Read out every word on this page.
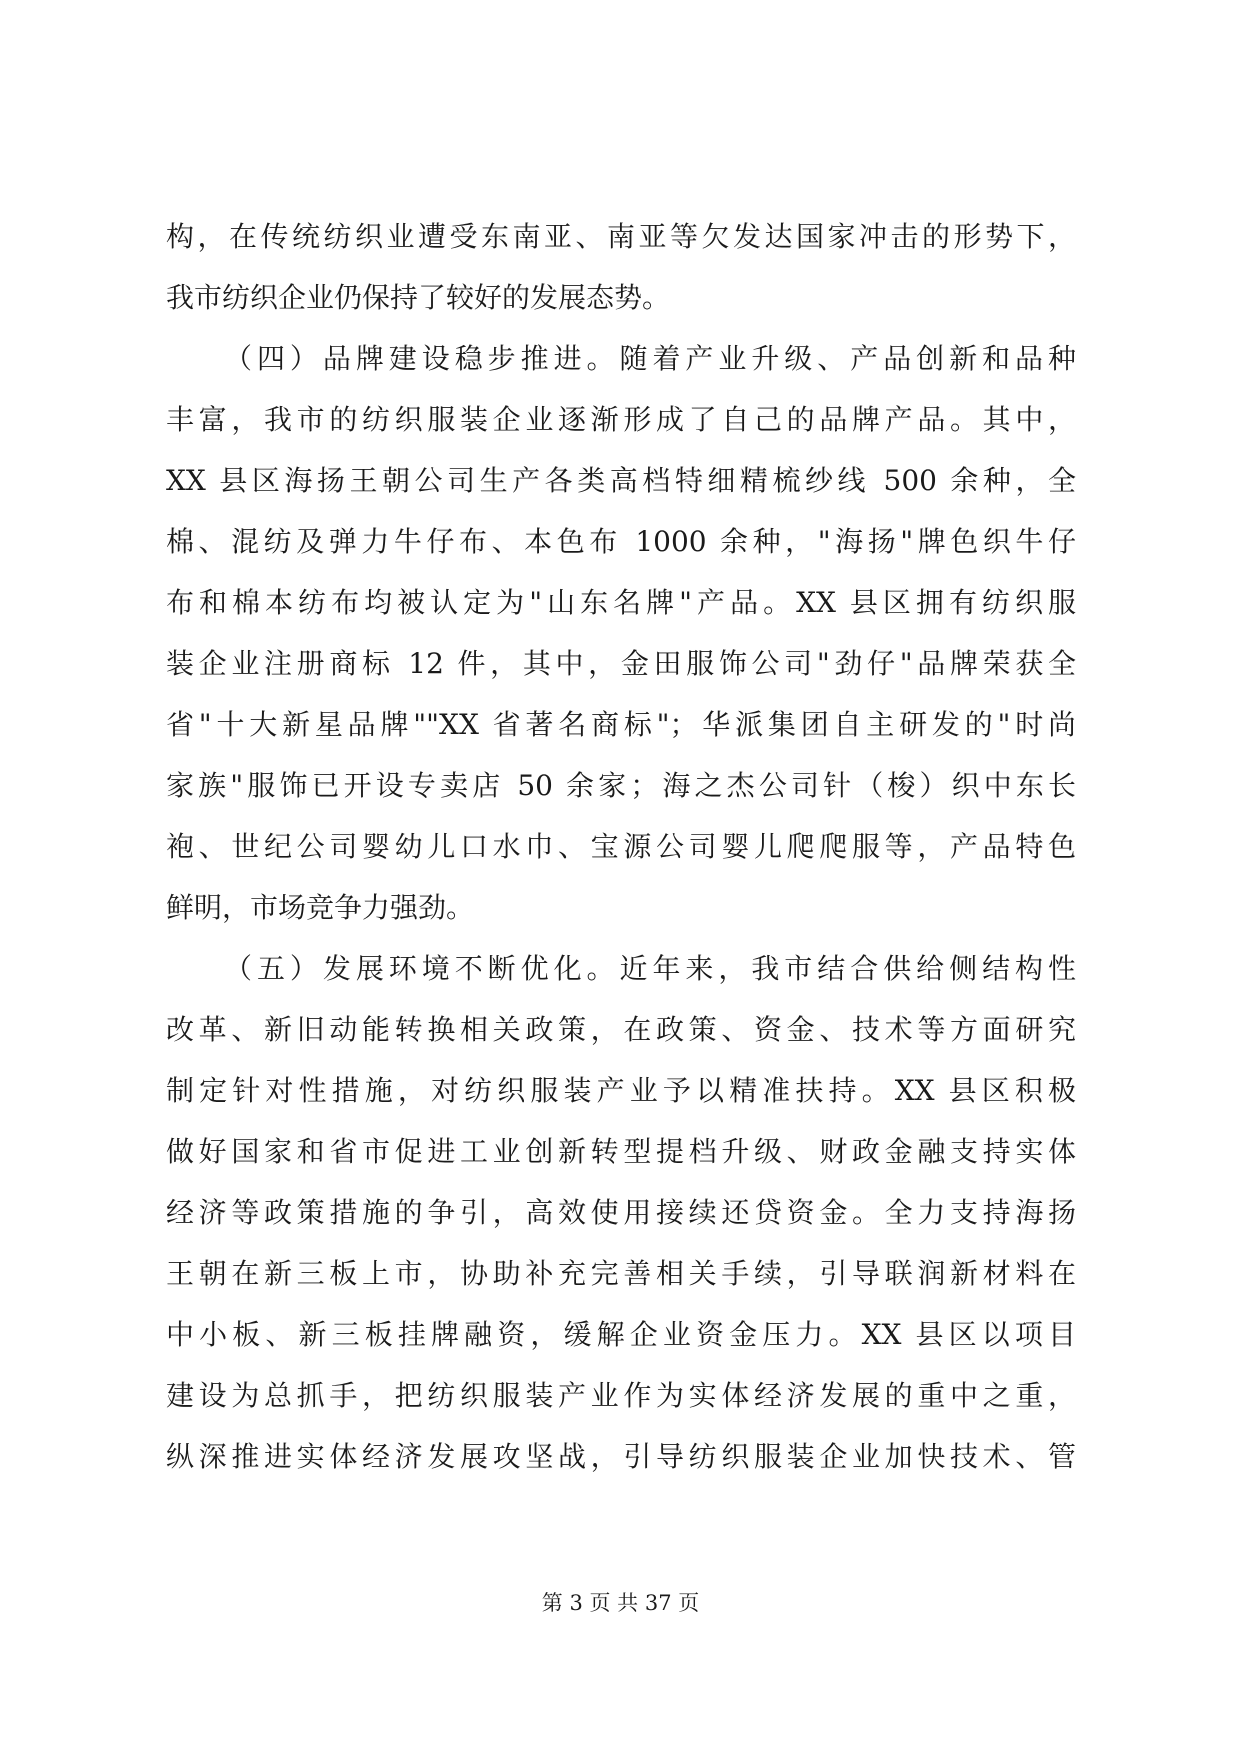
构，在传统纺织业遭受东南亚、南亚等欠发达国家冲击的形势下，
我市纺织企业仍保持了较好的发展态势。
（四）品牌建设稳步推进。随着产业升级、产品创新和品种
丰富，我市的纺织服装企业逐渐形成了自己的品牌产品。其中，
XX 县区海扬王朝公司生产各类高档特细精梳纱线 500 余种，全
棉、混纺及弹力牛仔布、本色布 1000 余种，"海扬"牌色织牛仔
布和棉本纺布均被认定为"山东名牌"产品。XX 县区拥有纺织服
装企业注册商标 12 件，其中，金田服饰公司"劲仔"品牌荣获全
省"十大新星品牌""XX 省著名商标"；华派集团自主研发的"时尚
家族"服饰已开设专卖店 50 余家；海之杰公司针（梭）织中东长
袍、世纪公司婴幼儿口水巾、宝源公司婴儿爬爬服等，产品特色
鲜明，市场竞争力强劲。
（五）发展环境不断优化。近年来，我市结合供给侧结构性
改革、新旧动能转换相关政策，在政策、资金、技术等方面研究
制定针对性措施，对纺织服装产业予以精准扶持。XX 县区积极
做好国家和省市促进工业创新转型提档升级、财政金融支持实体
经济等政策措施的争引，高效使用接续还贷资金。全力支持海扬
王朝在新三板上市，协助补充完善相关手续，引导联润新材料在
中小板、新三板挂牌融资，缓解企业资金压力。XX 县区以项目
建设为总抓手，把纺织服装产业作为实体经济发展的重中之重，
纵深推进实体经济发展攻坚战，引导纺织服装企业加快技术、管
第 3 页 共 37 页
